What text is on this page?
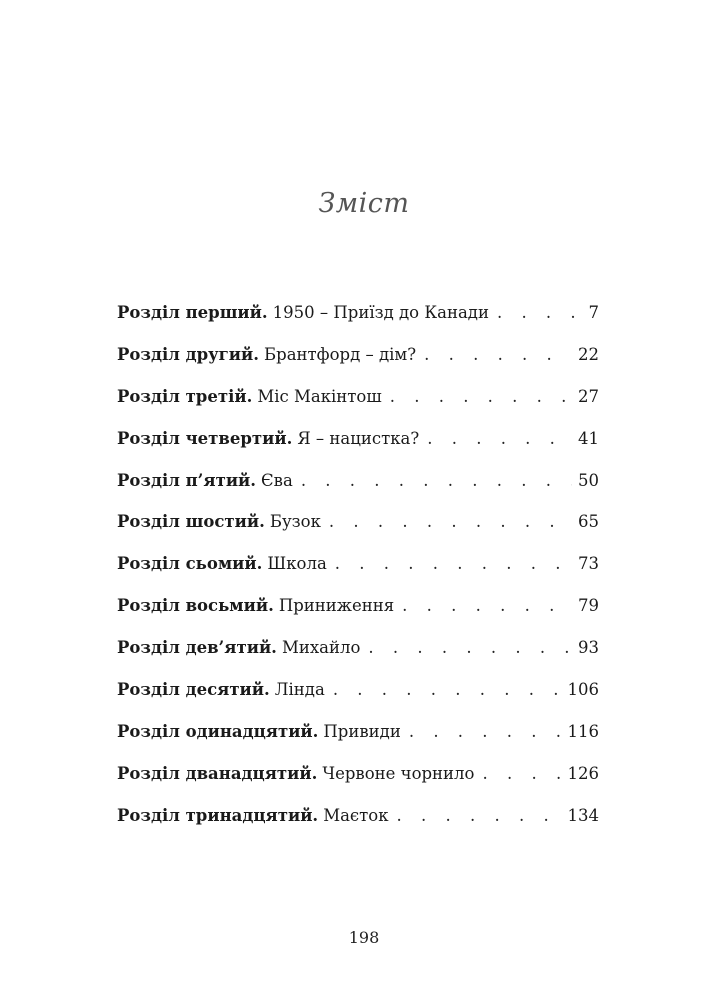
Зміст
Розділ перший. 1950 – Приїзд до Канади . . .	7
Розділ другий. Брантфорд – дім? . . .	22
Розділ третій. Міс Макінтош . . .	27
Розділ четвертий. Я – нацистка? . . .	41
Розділ п’ятий. Єва . . .	50
Розділ шостий. Бузок . . .	65
Розділ сьомий. Школа . . .	73
Розділ восьмий. Приниження . . .	79
Розділ дев’ятий. Михайло . . .	93
Розділ десятий. Лінда . . .	106
Розділ одинадцятий. Привиди . . .	116
Розділ дванадцятий. Червоне чорнило . . .	126
Розділ тринадцятий. Маєток . . .	134
198
